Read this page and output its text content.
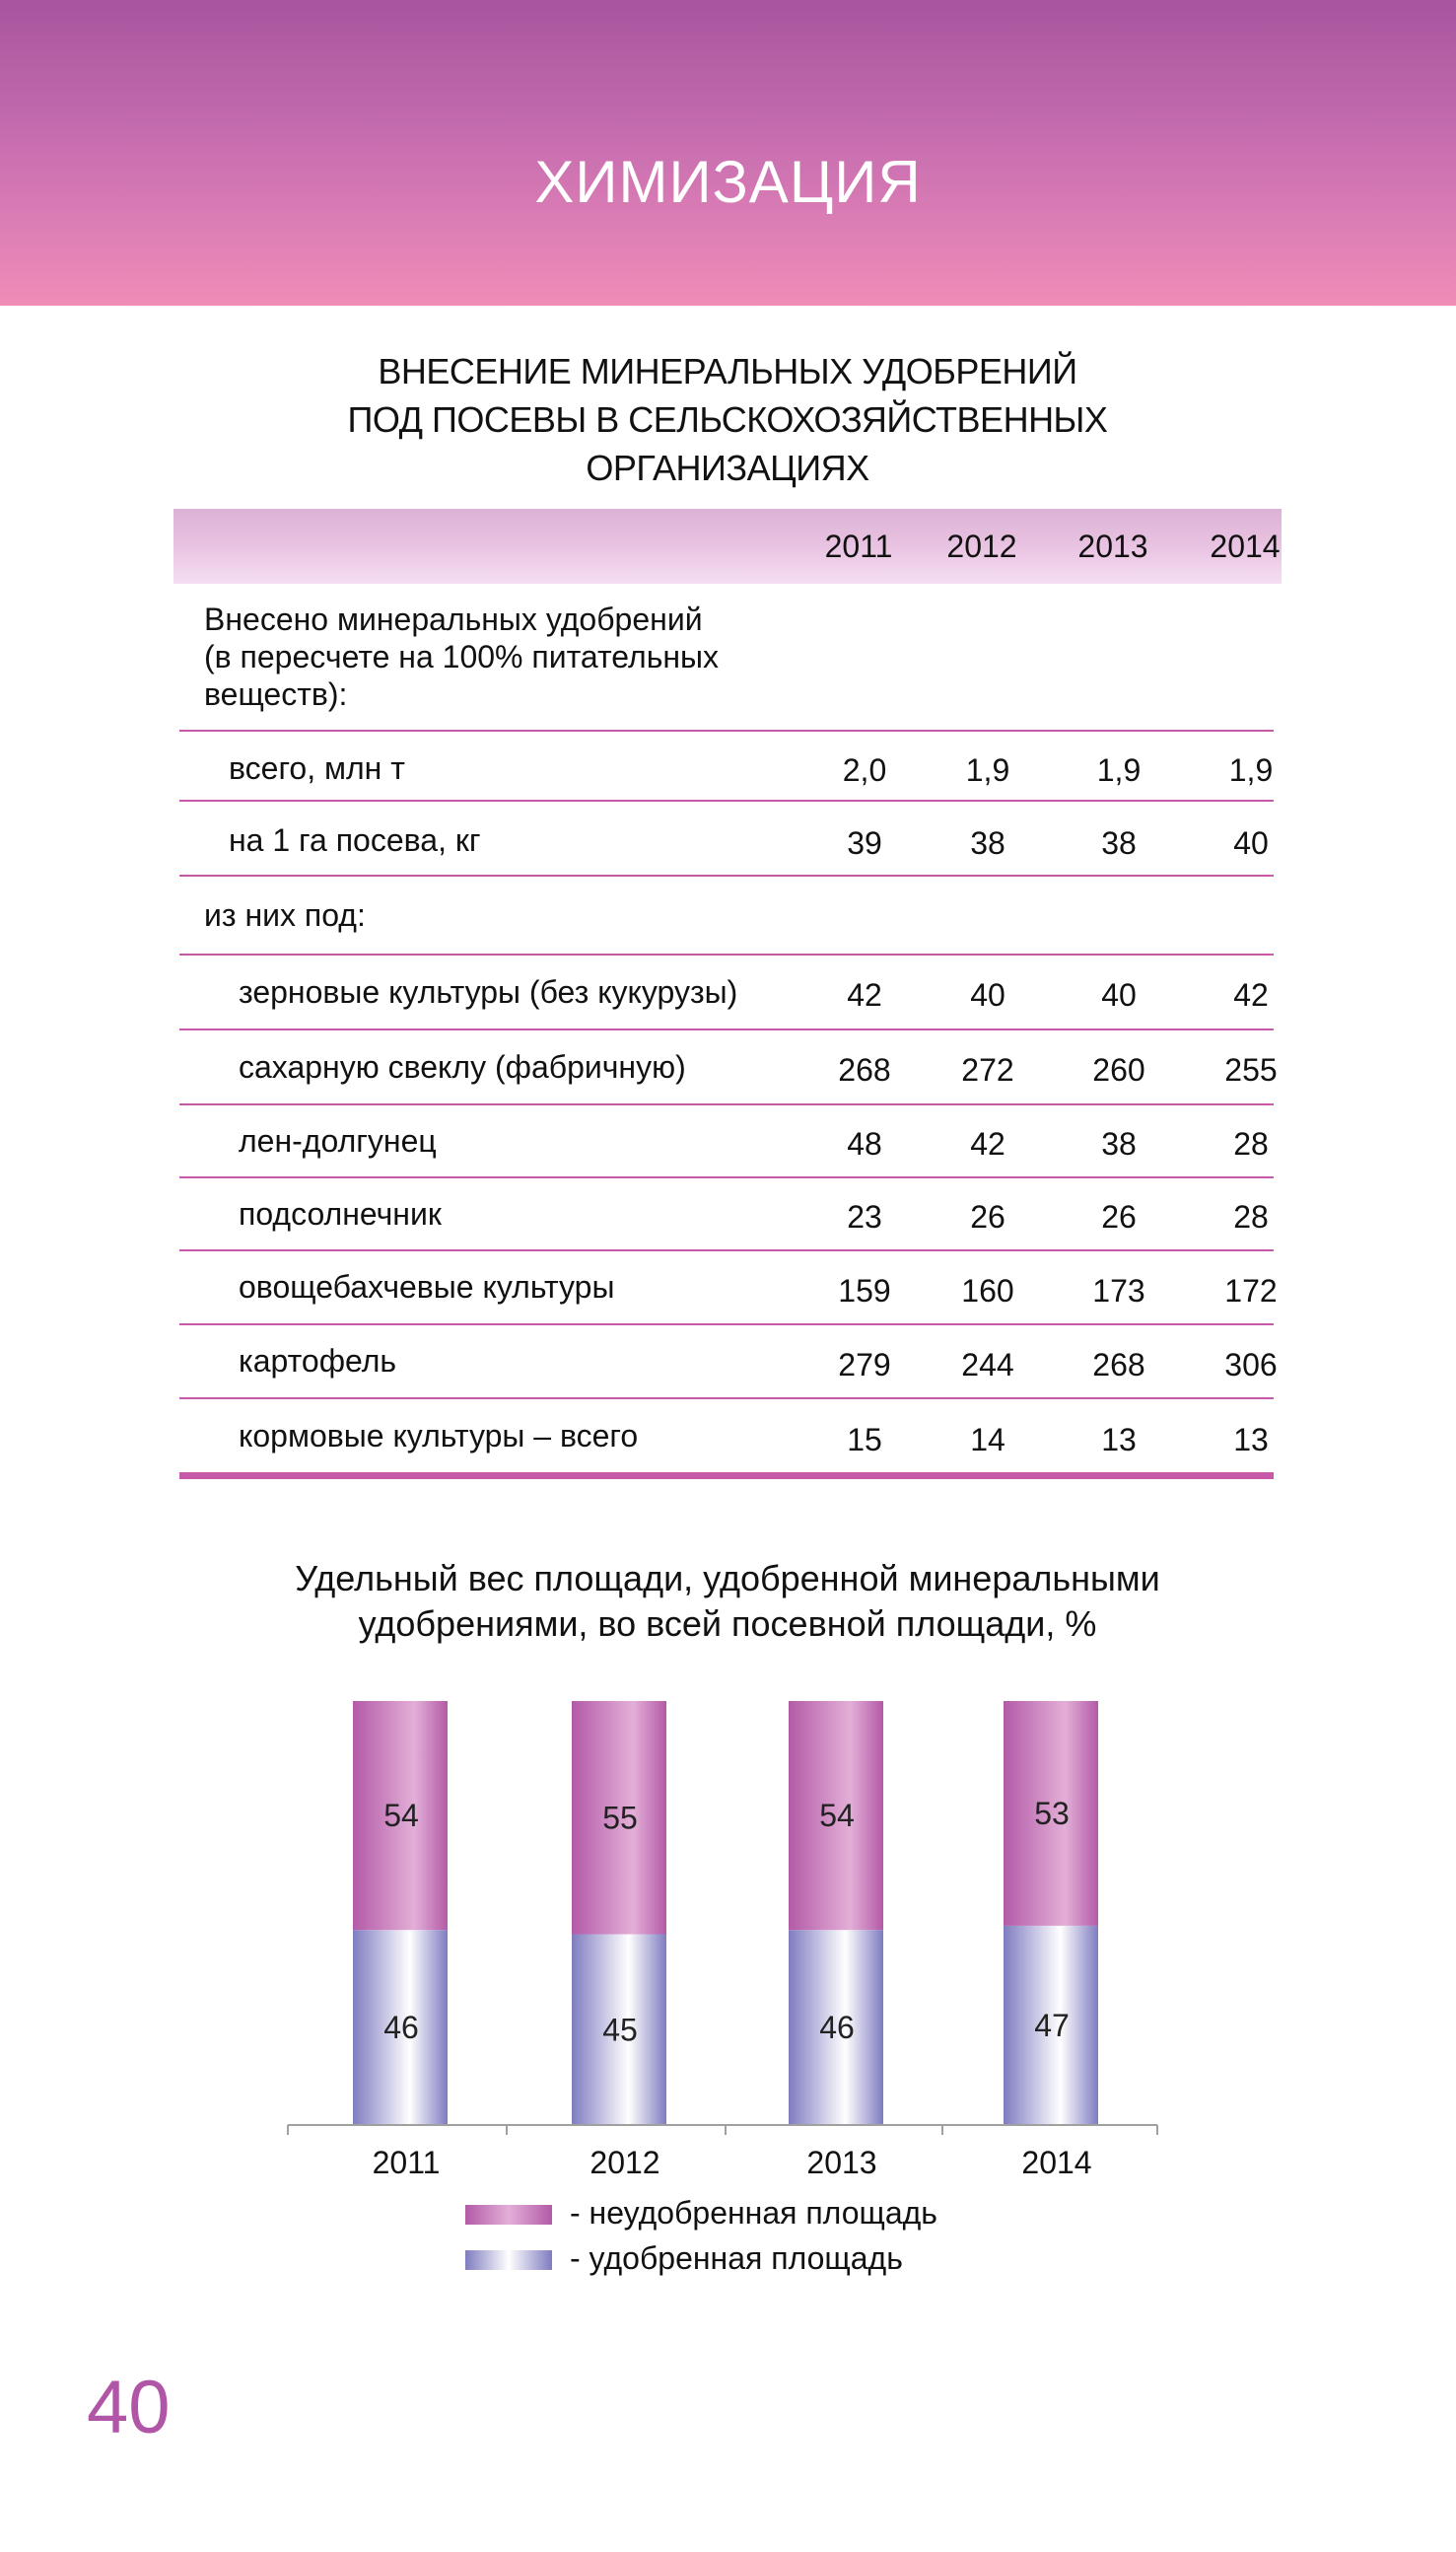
ХИМИЗАЦИЯ
ВНЕСЕНИЕ МИНЕРАЛЬНЫХ УДОБРЕНИЙ
ПОД ПОСЕВЫ В СЕЛЬСКОХОЗЯЙСТВЕННЫХ
ОРГАНИЗАЦИЯХ
2011	2012	2013	2014
Внесено минеральных удобрений
(в пересчете на 100% питательных
веществ):
всего, млн т	2,0	1,9	1,9	1,9
на 1 га посева, кг	39	38	38	40
из них под:
зерновые культуры (без кукурузы)	42	40	40	42
сахарную свеклу (фабричную)	268	272	260	255
лен-долгунец	48	42	38	28
подсолнечник	23	26	26	28
овощебахчевые культуры	159	160	173	172
картофель	279	244	268	306
кормовые культуры – всего	15	14	13	13
Удельный вес площади, удобренной минеральными
удобрениями, во всей посевной площади, %
46
54
45
55
46
54
47
53
2011	2012	2013	2014
- неудобренная площадь
- удобренная площадь
40
